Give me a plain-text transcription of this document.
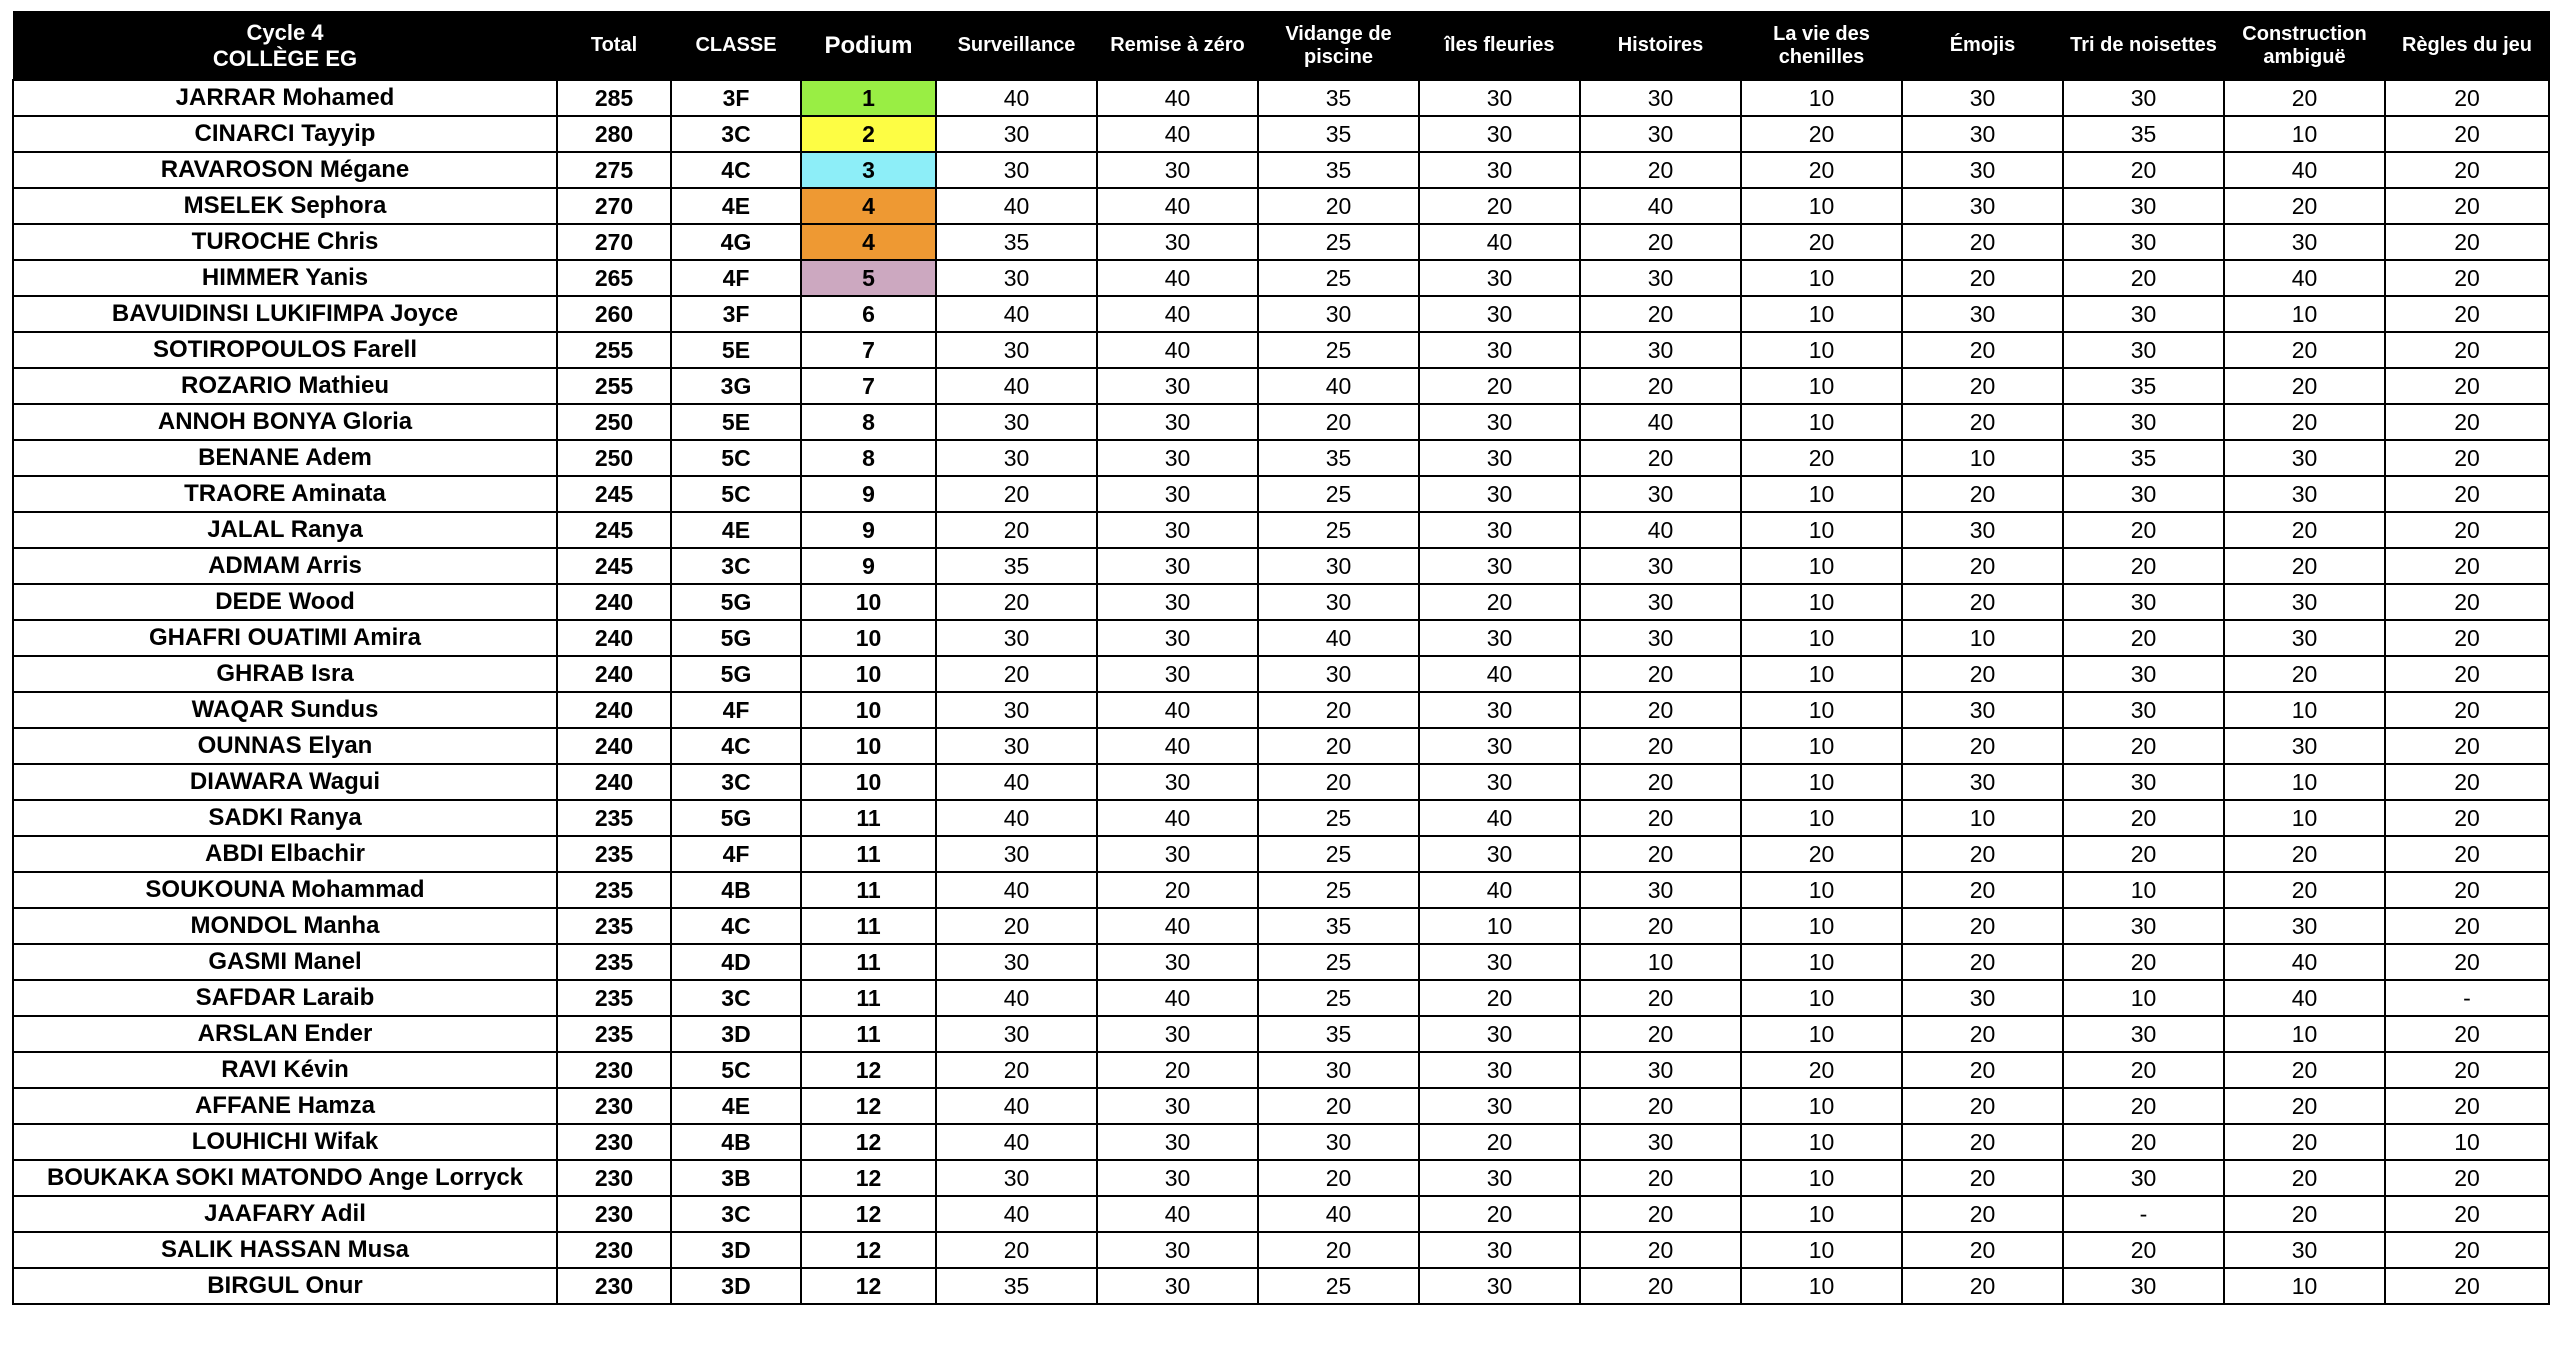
Cycle 4
COLLÈGE EG	Total	CLASSE	Podium	Surveillance	Remise à zéro	Vidange de piscine	îles fleuries	Histoires	La vie des chenilles	Émojis	Tri de noisettes	Construction ambiguë	Règles du jeu
JARRAR Mohamed	285	3F	1	40	40	35	30	30	10	30	30	20	20
CINARCI Tayyip	280	3C	2	30	40	35	30	30	20	30	35	10	20
RAVAROSON Mégane	275	4C	3	30	30	35	30	20	20	30	20	40	20
MSELEK Sephora	270	4E	4	40	40	20	20	40	10	30	30	20	20
TUROCHE Chris	270	4G	4	35	30	25	40	20	20	20	30	30	20
HIMMER Yanis	265	4F	5	30	40	25	30	30	10	20	20	40	20
BAVUIDINSI LUKIFIMPA Joyce	260	3F	6	40	40	30	30	20	10	30	30	10	20
SOTIROPOULOS Farell	255	5E	7	30	40	25	30	30	10	20	30	20	20
ROZARIO Mathieu	255	3G	7	40	30	40	20	20	10	20	35	20	20
ANNOH BONYA Gloria	250	5E	8	30	30	20	30	40	10	20	30	20	20
BENANE Adem	250	5C	8	30	30	35	30	20	20	10	35	30	20
TRAORE Aminata	245	5C	9	20	30	25	30	30	10	20	30	30	20
JALAL Ranya	245	4E	9	20	30	25	30	40	10	30	20	20	20
ADMAM Arris	245	3C	9	35	30	30	30	30	10	20	20	20	20
DEDE Wood	240	5G	10	20	30	30	20	30	10	20	30	30	20
GHAFRI OUATIMI Amira	240	5G	10	30	30	40	30	30	10	10	20	30	20
GHRAB Isra	240	5G	10	20	30	30	40	20	10	20	30	20	20
WAQAR Sundus	240	4F	10	30	40	20	30	20	10	30	30	10	20
OUNNAS Elyan	240	4C	10	30	40	20	30	20	10	20	20	30	20
DIAWARA Wagui	240	3C	10	40	30	20	30	20	10	30	30	10	20
SADKI Ranya	235	5G	11	40	40	25	40	20	10	10	20	10	20
ABDI Elbachir	235	4F	11	30	30	25	30	20	20	20	20	20	20
SOUKOUNA Mohammad	235	4B	11	40	20	25	40	30	10	20	10	20	20
MONDOL Manha	235	4C	11	20	40	35	10	20	10	20	30	30	20
GASMI Manel	235	4D	11	30	30	25	30	10	10	20	20	40	20
SAFDAR Laraib	235	3C	11	40	40	25	20	20	10	30	10	40	-
ARSLAN Ender	235	3D	11	30	30	35	30	20	10	20	30	10	20
RAVI Kévin	230	5C	12	20	20	30	30	30	20	20	20	20	20
AFFANE Hamza	230	4E	12	40	30	20	30	20	10	20	20	20	20
LOUHICHI Wifak	230	4B	12	40	30	30	20	30	10	20	20	20	10
BOUKAKA SOKI MATONDO Ange Lorryck	230	3B	12	30	30	20	30	20	10	20	30	20	20
JAAFARY Adil	230	3C	12	40	40	40	20	20	10	20	-	20	20
SALIK HASSAN Musa	230	3D	12	20	30	20	30	20	10	20	20	30	20
BIRGUL Onur	230	3D	12	35	30	25	30	20	10	20	30	10	20
